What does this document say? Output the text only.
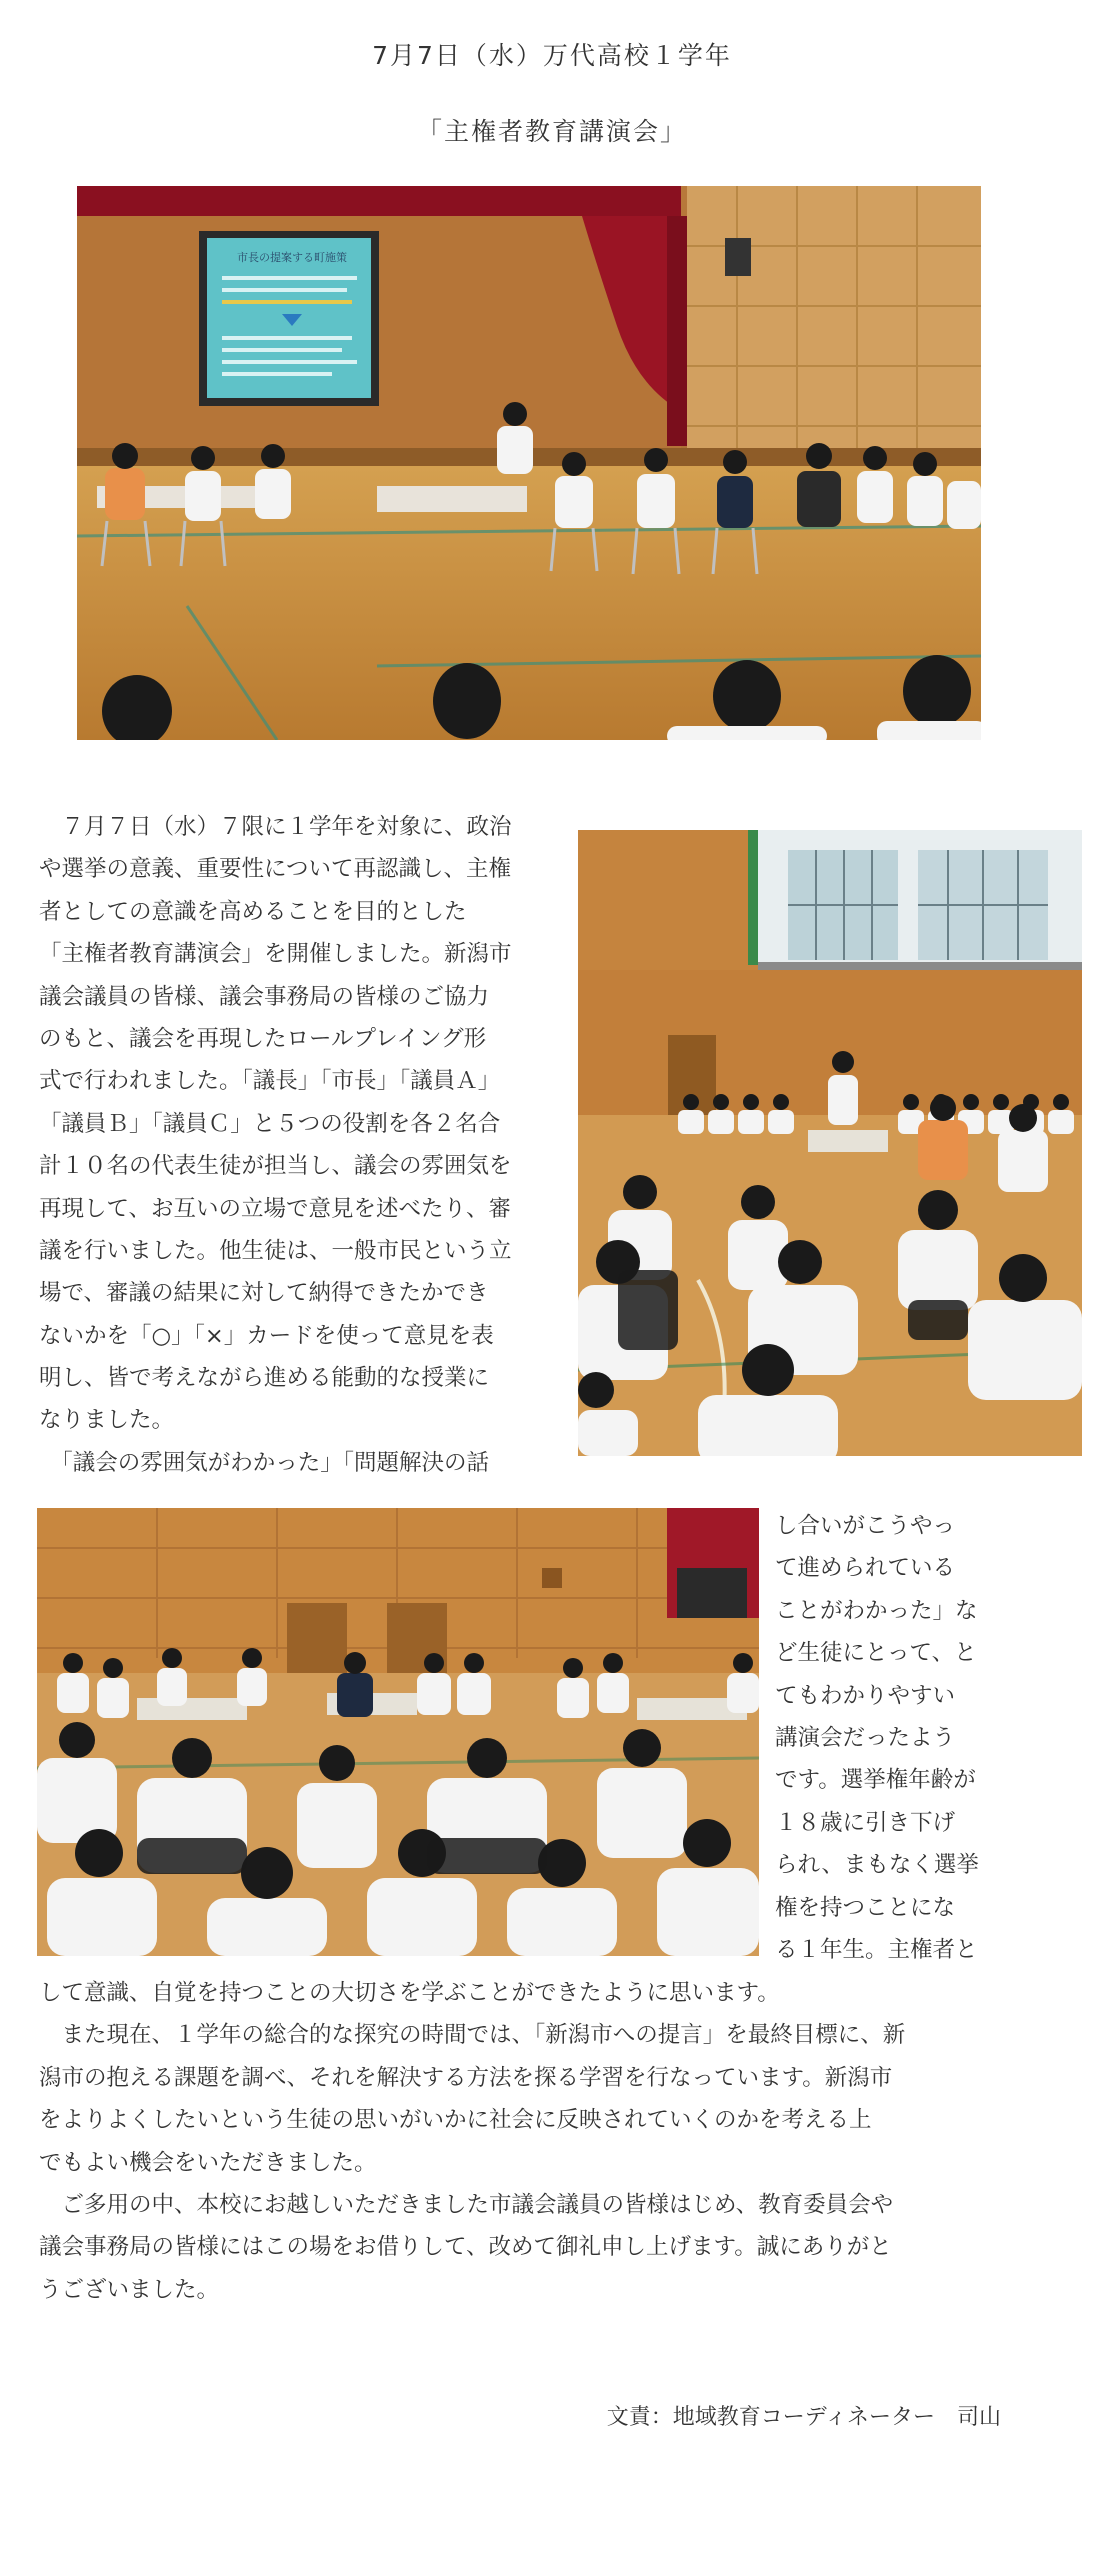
7月7日（水）万代高校１学年
「主権者教育講演会」
市長の提案する町施策
　７月７日（水）７限に１学年を対象に、政治
や選挙の意義、重要性について再認識し、主権
者としての意識を高めることを目的とした
「主権者教育講演会」を開催しました。新潟市
議会議員の皆様、議会事務局の皆様のご協力
のもと、議会を再現したロールプレイング形
式で行われました。「議長」「市長」「議員Ａ」
「議員Ｂ」「議員Ｃ」と５つの役割を各２名合
計１０名の代表生徒が担当し、議会の雰囲気を
再現して、お互いの立場で意見を述べたり、審
議を行いました。他生徒は、一般市民という立
場で、審議の結果に対して納得できたかでき
ないかを「○」「×」カードを使って意見を表
明し、皆で考えながら進める能動的な授業に
なりました。
　「議会の雰囲気がわかった」「問題解決の話
し合いがこうやっ
て進められている
ことがわかった」な
ど生徒にとって、と
てもわかりやすい
講演会だったよう
です。選挙権年齢が
１８歳に引き下げ
られ、まもなく選挙
権を持つことにな
る１年生。主権者と
して意識、自覚を持つことの大切さを学ぶことができたように思います。
　また現在、１学年の総合的な探究の時間では、「新潟市への提言」を最終目標に、新
潟市の抱える課題を調べ、それを解決する方法を探る学習を行なっています。新潟市
をよりよくしたいという生徒の思いがいかに社会に反映されていくのかを考える上
でもよい機会をいただきました。
　ご多用の中、本校にお越しいただきました市議会議員の皆様はじめ、教育委員会や
議会事務局の皆様にはこの場をお借りして、改めて御礼申し上げます。誠にありがと
うございました。
文責：地域教育コーディネーター　司山
